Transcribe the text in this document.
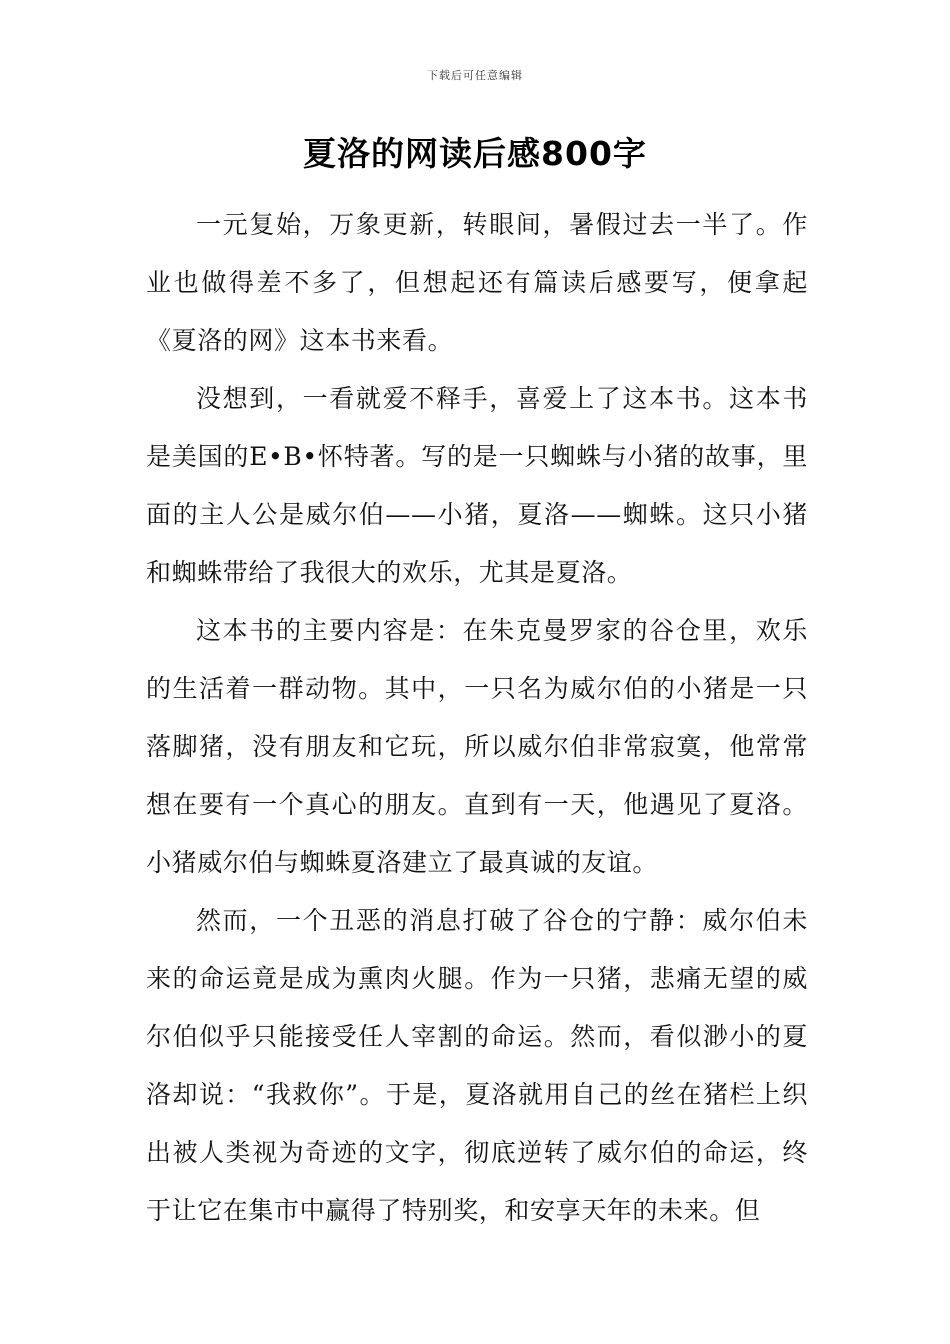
下载后可任意编辑
夏洛的网读后感800字

一元复始，万象更新，转眼间，暑假过去一半了。作业也做得差不多了，但想起还有篇读后感要写，便拿起《夏洛的网》这本书来看。

没想到，一看就爱不释手，喜爱上了这本书。这本书是美国的E•B•怀特著。写的是一只蜘蛛与小猪的故事，里面的主人公是威尔伯——小猪，夏洛——蜘蛛。这只小猪和蜘蛛带给了我很大的欢乐，尤其是夏洛。

这本书的主要内容是：在朱克曼罗家的谷仓里，欢乐的生活着一群动物。其中，一只名为威尔伯的小猪是一只落脚猪，没有朋友和它玩，所以威尔伯非常寂寞，他常常想在要有一个真心的朋友。直到有一天，他遇见了夏洛。小猪威尔伯与蜘蛛夏洛建立了最真诚的友谊。

然而，一个丑恶的消息打破了谷仓的宁静：威尔伯未来的命运竟是成为熏肉火腿。作为一只猪，悲痛无望的威尔伯似乎只能接受任人宰割的命运。然而，看似渺小的夏洛却说：“我救你”。于是，夏洛就用自己的丝在猪栏上织出被人类视为奇迹的文字，彻底逆转了威尔伯的命运，终于让它在集市中赢得了特别奖，和安享天年的未来。但
